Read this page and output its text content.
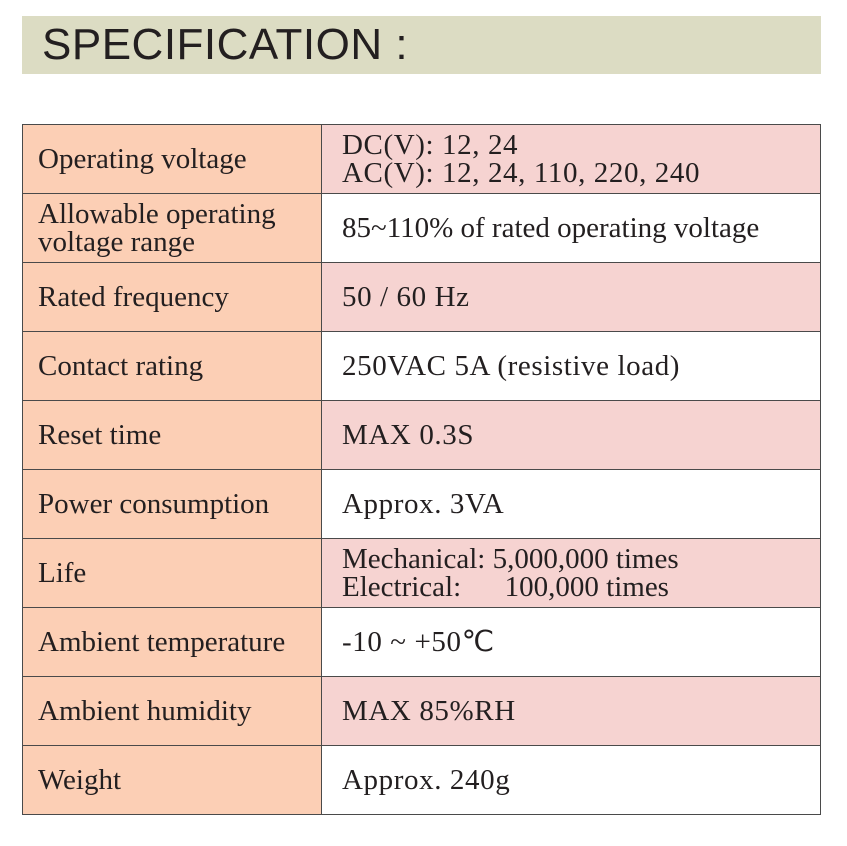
SPECIFICATION :
Operating voltage	DC(V): 12, 24
AC(V): 12, 24, 110, 220, 240

Allowable operating
voltage range	85~110% of rated operating voltage

Rated frequency	50 / 60 Hz

Contact rating	250VAC 5A (resistive load)

Reset time	MAX 0.3S

Power consumption	Approx. 3VA

Life	Mechanical: 5,000,000 times
Electrical:      100,000 times

Ambient temperature	-10 ~ +50℃

Ambient humidity	MAX 85%RH

Weight	Approx. 240g
